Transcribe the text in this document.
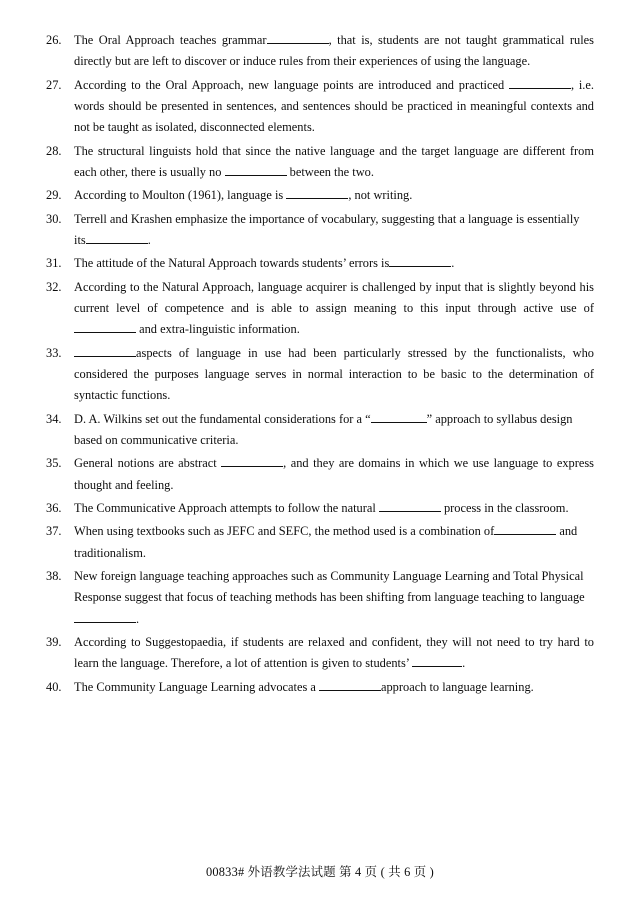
26.	The Oral Approach teaches grammar	, that is, students are not taught grammatical rules directly but are left to discover or induce rules from their experiences of using the language.
27.	According to the Oral Approach, new language points are introduced and practiced	, i.e. words should be presented in sentences, and sentences should be practiced in meaningful contexts and not be taught as isolated, disconnected elements.
28.	The structural linguists hold that since the native language and the target language are different from each other, there is usually no	between the two.
29.	According to Moulton (1961), language is	, not writing.
30.	Terrell and Krashen emphasize the importance of vocabulary, suggesting that a language is essentially its	.
31.	The attitude of the Natural Approach towards students’ errors is	.
32.	According to the Natural Approach, language acquirer is challenged by input that is slightly beyond his current level of competence and is able to assign meaning to this input through active use of  and extra-linguistic information.
33.	aspects of language in use had been particularly stressed by the functionalists, who considered the purposes language serves in normal interaction to be basic to the determination of syntactic functions.
34.	D. A. Wilkins set out the fundamental considerations for a “	” approach to syllabus design based on communicative criteria.
35.	General notions are abstract	, and they are domains in which we use language to express thought and feeling.
36.	The Communicative Approach attempts to follow the natural	process in the classroom.
37.	When using textbooks such as JEFC and SEFC, the method used is a combination of	and traditionalism.
38.	New foreign language teaching approaches such as Community Language Learning and Total Physical Response suggest that focus of teaching methods has been shifting from language teaching to language .
39.	According to Suggestopaedia, if students are relaxed and confident, they will not need to try hard to learn the language. Therefore, a lot of attention is given to students’	.
40.	The Community Language Learning advocates a	approach to language learning.
00833# 外语教学法试题 第 4 页 ( 共 6 页 )
